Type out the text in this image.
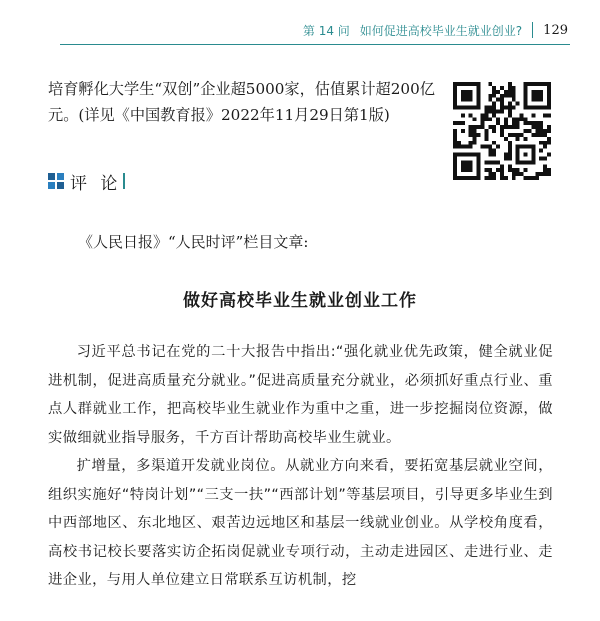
第 14 问 如何促进高校毕业生就业创业? 129

培育孵化大学生“双创”企业超5000家，估值累计超200亿元。(详见《中国教育报》2022年11月29日第1版)

评 论

《人民日报》“人民时评”栏目文章:

做好高校毕业生就业创业工作

习近平总书记在党的二十大报告中指出:“强化就业优先政策，健全就业促进机制，促进高质量充分就业。”促进高质量充分就业，必须抓好重点行业、重点人群就业工作，把高校毕业生就业作为重中之重，进一步挖掘岗位资源，做实做细就业指导服务，千方百计帮助高校毕业生就业。

扩增量，多渠道开发就业岗位。从就业方向来看，要拓宽基层就业空间，组织实施好“特岗计划”“三支一扶”“西部计划”等基层项目，引导更多毕业生到中西部地区、东北地区、艰苦边远地区和基层一线就业创业。从学校角度看，高校书记校长要落实访企拓岗促就业专项行动，主动走进园区、走进行业、走进企业，与用人单位建立日常联系互访机制，挖
